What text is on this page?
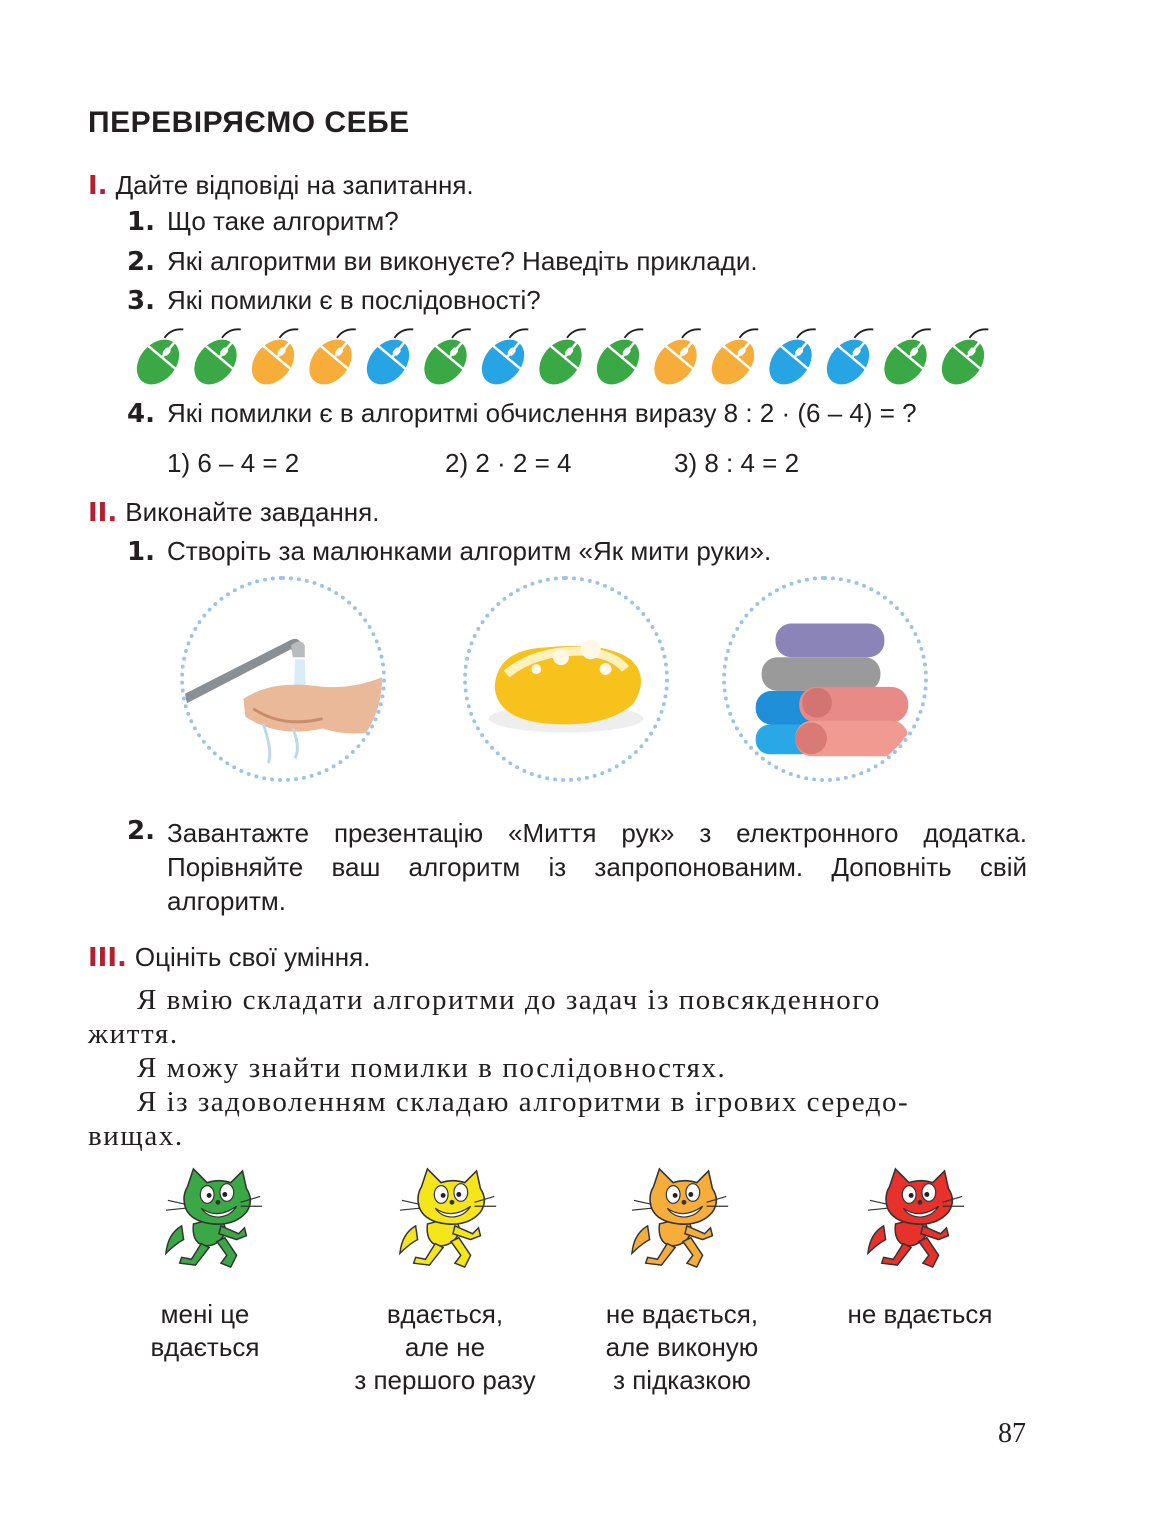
ПЕРЕВІРЯЄМО СЕБЕ
I. Дайте відповіді на запитання.
1. Що таке алгоритм?
2. Які алгоритми ви виконуєте? Наведіть приклади.
3. Які помилки є в послідовності?
4. Які помилки є в алгоритмі обчислення виразу 8 : 2 · (6 – 4) = ?
1) 6 – 4 = 2	2) 2 · 2 = 4	3) 8 : 4 = 2
II. Виконайте завдання.
1. Створіть за малюнками алгоритм «Як мити руки».
2. Завантажте презентацію «Миття рук» з електронного додатка. Порівняйте ваш алгоритм із запропонованим. Доповніть свій алгоритм.
III. Оцініть свої уміння.
Я вмію складати алгоритми до задач із повсякденного
життя.
Я можу знайти помилки в послідовностях.
Я із задоволенням складаю алгоритми в ігрових середо-
вищах.
мені це
вдається
вдається,
але не
з першого разу
не вдається,
але виконую
з підказкою
не вдається
87
